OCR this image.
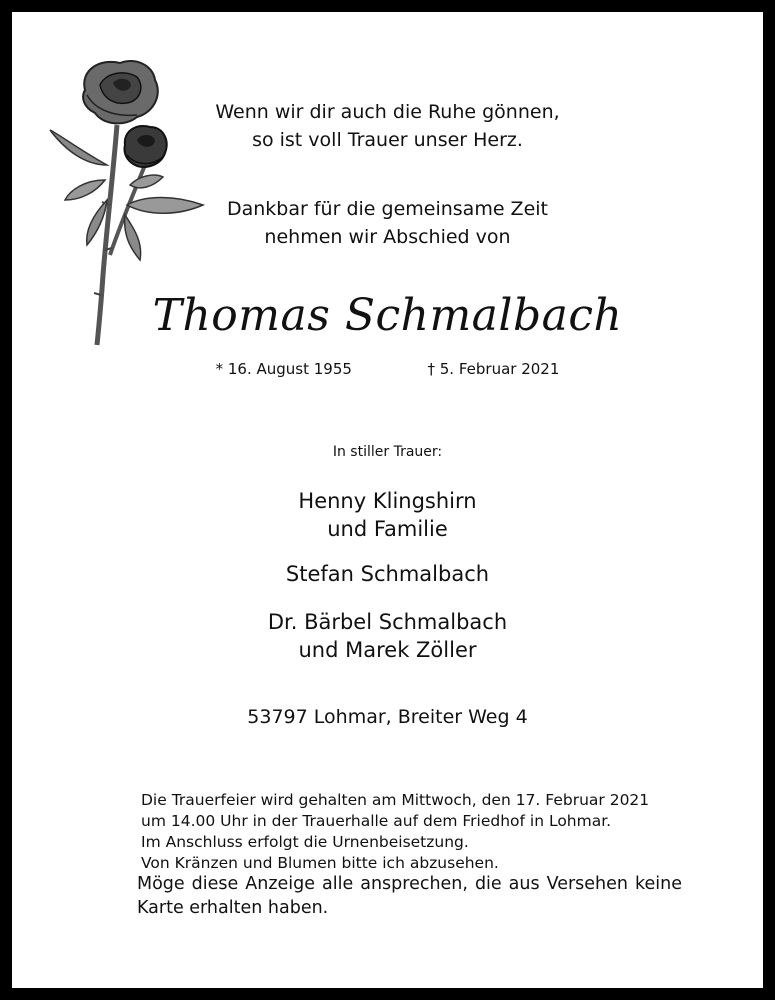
Wenn wir dir auch die Ruhe gönnen,
so ist voll Trauer unser Herz.
Dankbar für die gemeinsame Zeit
nehmen wir Abschied von
Thomas Schmalbach
* 16. August 1955	† 5. Februar 2021
In stiller Trauer:
Henny Klingshirn
und Familie
Stefan Schmalbach
Dr. Bärbel Schmalbach
und Marek Zöller
53797 Lohmar, Breiter Weg 4
Die Trauerfeier wird gehalten am Mittwoch, den 17. Februar 2021
um 14.00 Uhr in der Trauerhalle auf dem Friedhof in Lohmar.
Im Anschluss erfolgt die Urnenbeisetzung.
Von Kränzen und Blumen bitte ich abzusehen.
Möge diese Anzeige alle ansprechen, die aus Versehen keine Karte erhalten haben.
